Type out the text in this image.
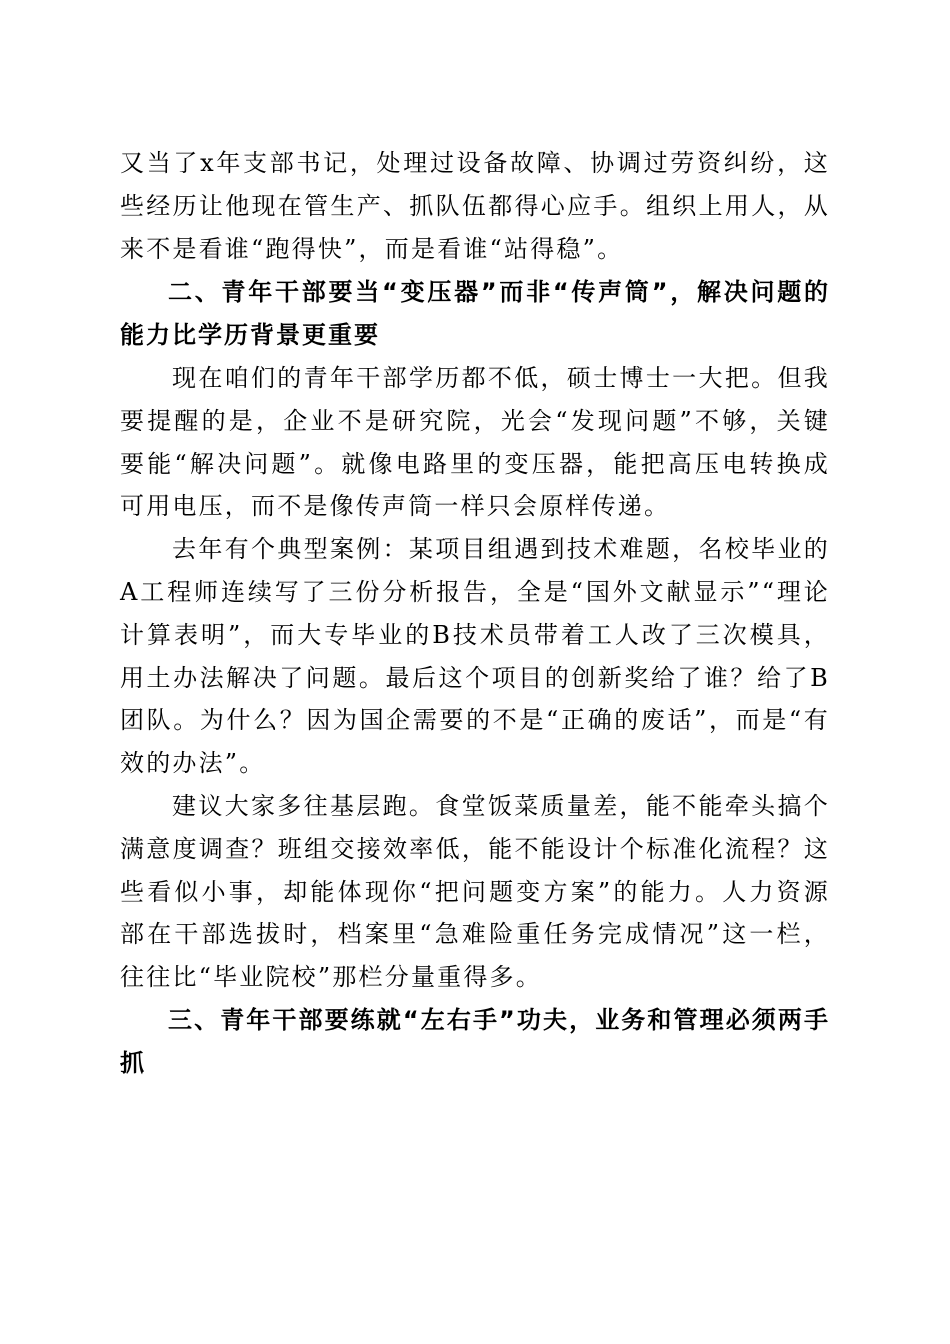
又当了x年支部书记，处理过设备故障、协调过劳资纠纷，这些经历让他现在管生产、抓队伍都得心应手。组织上用人，从来不是看谁“跑得快”，而是看谁“站得稳”。

二、青年干部要当“变压器”而非“传声筒”，解决问题的能力比学历背景更重要

现在咱们的青年干部学历都不低，硕士博士一大把。但我要提醒的是，企业不是研究院，光会“发现问题”不够，关键要能“解决问题”。就像电路里的变压器，能把高压电转换成可用电压，而不是像传声筒一样只会原样传递。

去年有个典型案例：某项目组遇到技术难题，名校毕业的A工程师连续写了三份分析报告，全是“国外文献显示”“理论计算表明”，而大专毕业的B技术员带着工人改了三次模具，用土办法解决了问题。最后这个项目的创新奖给了谁？给了B团队。为什么？因为国企需要的不是“正确的废话”，而是“有效的办法”。

建议大家多往基层跑。食堂饭菜质量差，能不能牵头搞个满意度调查？班组交接效率低，能不能设计个标准化流程？这些看似小事，却能体现你“把问题变方案”的能力。人力资源部在干部选拔时，档案里“急难险重任务完成情况”这一栏，往往比“毕业院校”那栏分量重得多。

三、青年干部要练就“左右手”功夫，业务和管理必须两手抓
